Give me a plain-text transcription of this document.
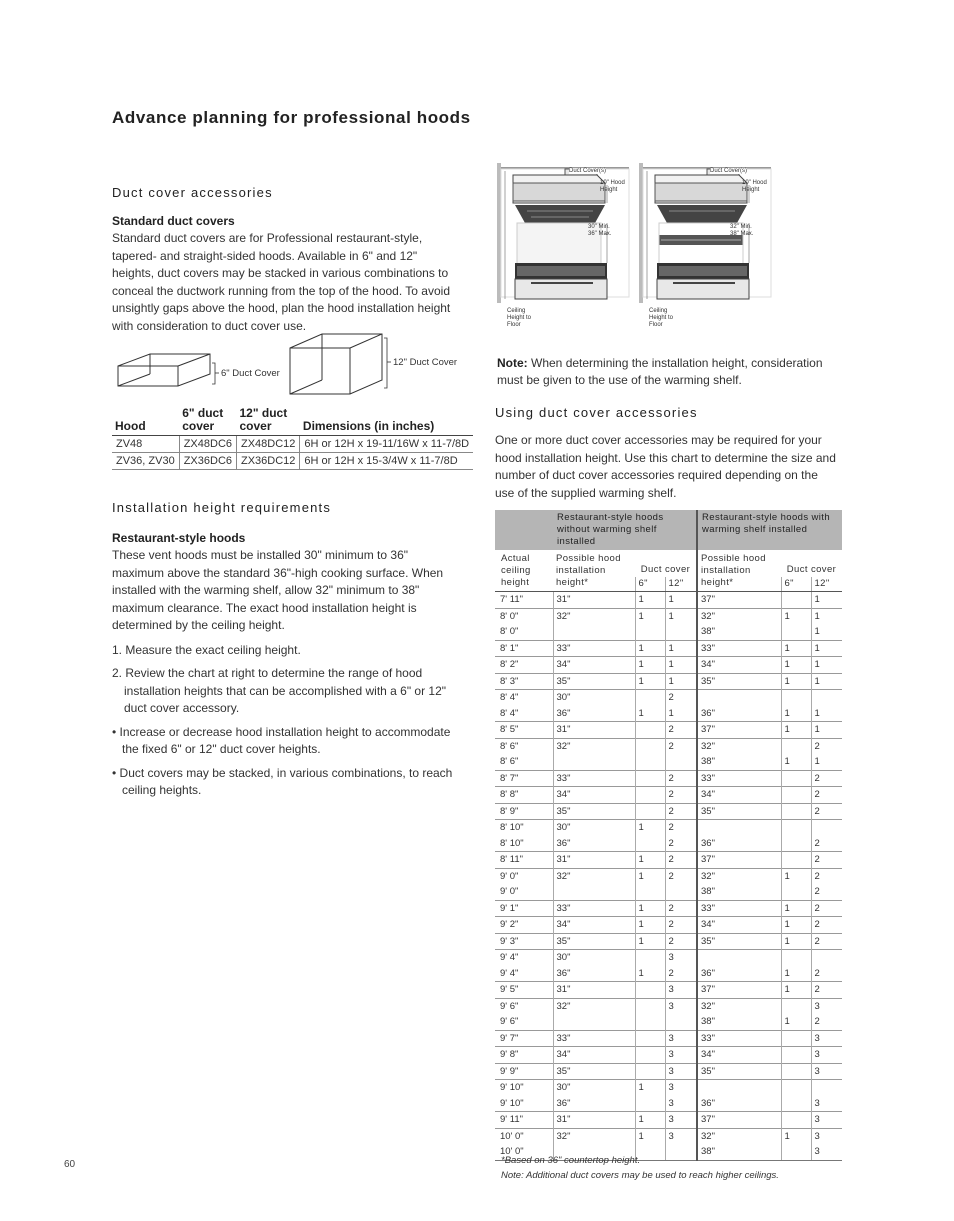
Advance planning for professional hoods
Duct cover accessories
Standard duct covers

Standard duct covers are for Professional restaurant-style, tapered- and straight-sided hoods. Available in 6" and 12" heights, duct covers may be stacked in various combinations to conceal the ductwork running from the top of the hood. To avoid unsightly gaps above the hood, plan the hood installation height with consideration to duct cover use.

6" Duct Cover
12" Duct Cover
Hood	6" duct cover	12" duct cover	Dimensions (in inches)
ZV48	ZX48DC6	ZX48DC12	6H or 12H x 19-11/16W x 11-7/8D
ZV36, ZV30	ZX36DC6	ZX36DC12	6H or 12H x 15-3/4W x 11-7/8D
Installation height requirements
Restaurant-style hoods

These vent hoods must be installed 30" minimum to 36" maximum above the standard 36"-high cooking surface. When installed with the warming shelf, allow 32" minimum to 38" maximum clearance. The exact hood installation height is determined by the ceiling height.

1. Measure the exact ceiling height.

2. Review the chart at right to determine the range of hood installation heights that can be accomplished with a 6" or 12" duct cover accessory.

• Increase or decrease hood installation height to accommodate the fixed 6" or 12" duct cover heights.

• Duct covers may be stacked, in various combinations, to reach ceiling heights.

Duct Cover(s)
10" Hood Height
30" Min. 36" Max.
Ceiling Height to Floor
Duct Cover(s)
10" Hood Height
32" Min. 38" Max.
Ceiling Height to Floor

Note: When determining the installation height, consideration must be given to the use of the warming shelf.

Using duct cover accessories

One or more duct cover accessories may be required for your hood installation height. Use this chart to determine the size and number of duct cover accessories required depending on the use of the supplied warming shelf.

	Restaurant-style hoods without warming shelf installed			Restaurant-style hoods with warming shelf installed		
Actual ceiling height	Possible hood installation height*	Duct cover		Possible hood installation height*	Duct cover	
		6"	12"		6"	12"
7' 11"	31"	1	1	37"		1
8' 0"	32"	1	1	32"	1	1
8' 0"				38"		1
8' 1"	33"	1	1	33"	1	1
8' 2"	34"	1	1	34"	1	1
8' 3"	35"	1	1	35"	1	1
8' 4"	30"		2			
8' 4"	36"	1	1	36"	1	1
8' 5"	31"		2	37"	1	1
8' 6"	32"		2	32"		2
8' 6"				38"	1	1
8' 7"	33"		2	33"		2
8' 8"	34"		2	34"		2
8' 9"	35"		2	35"		2
8' 10"	30"	1	2			
8' 10"	36"		2	36"		2
8' 11"	31"	1	2	37"		2
9' 0"	32"	1	2	32"	1	2
9' 0"				38"		2
9' 1"	33"	1	2	33"	1	2
9' 2"	34"	1	2	34"	1	2
9' 3"	35"	1	2	35"	1	2
9' 4"	30"		3			
9' 4"	36"	1	2	36"	1	2
9' 5"	31"		3	37"	1	2
9' 6"	32"		3	32"		3
9' 6"				38"	1	2
9' 7"	33"		3	33"		3
9' 8"	34"		3	34"		3
9' 9"	35"		3	35"		3
9' 10"	30"	1	3			
9' 10"	36"		3	36"		3
9' 11"	31"	1	3	37"		3
10' 0"	32"	1	3	32"	1	3
10' 0"				38"		3
*Based on 36" countertop height.
Note: Additional duct covers may be used to reach higher ceilings.
60
